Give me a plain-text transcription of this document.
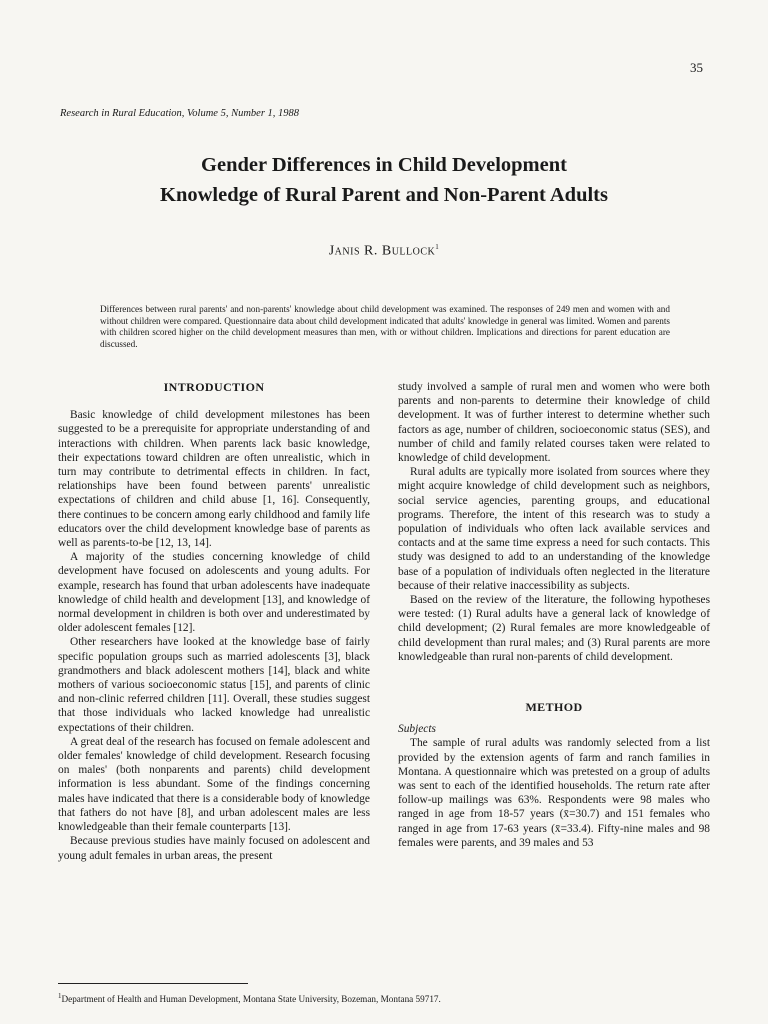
35
Research in Rural Education, Volume 5, Number 1, 1988
Gender Differences in Child Development
Knowledge of Rural Parent and Non-Parent Adults
Janis R. Bullock$^1$

Differences between rural parents' and non-parents' knowledge about child development was examined. The responses of 249 men and women with and without children were compared. Questionnaire data about child development indicated that adults' knowledge in general was limited. Women and parents with children scored higher on the child development measures than men, with or without children. Implications and directions for parent education are discussed.

INTRODUCTION

Basic knowledge of child development milestones has been suggested to be a prerequisite for appropriate understanding of and interactions with children. When parents lack basic knowledge, their expectations toward children are often unrealistic, which in turn may contribute to detrimental effects in children. In fact, relationships have been found between parents' unrealistic expectations of children and child abuse [1, 16]. Consequently, there continues to be concern among early childhood and family life educators over the child development knowledge base of parents as well as parents-to-be [12, 13, 14].

A majority of the studies concerning knowledge of child development have focused on adolescents and young adults. For example, research has found that urban adolescents have inadequate knowledge of child health and development [13], and knowledge of normal development in children is both over and underestimated by older adolescent females [12].

Other researchers have looked at the knowledge base of fairly specific population groups such as married adolescents [3], black grandmothers and black adolescent mothers [14], black and white mothers of various socioeconomic status [15], and parents of clinic and non-clinic referred children [11]. Overall, these studies suggest that those individuals who lacked knowledge had unrealistic expectations of their children.

A great deal of the research has focused on female adolescent and older females' knowledge of child development. Research focusing on males' (both nonparents and parents) child development information is less abundant. Some of the findings concerning males have indicated that there is a considerable body of knowledge that fathers do not have [8], and urban adolescent males are less knowledgeable than their female counterparts [13].

Because previous studies have mainly focused on adolescent and young adult females in urban areas, the present

study involved a sample of rural men and women who were both parents and non-parents to determine their knowledge of child development. It was of further interest to determine whether such factors as age, number of children, socioeconomic status (SES), and number of child and family related courses taken were related to knowledge of child development.

Rural adults are typically more isolated from sources where they might acquire knowledge of child development such as neighbors, social service agencies, parenting groups, and educational programs. Therefore, the intent of this research was to study a population of individuals who often lack available services and contacts and at the same time express a need for such contacts. This study was designed to add to an understanding of the knowledge base of a population of individuals often neglected in the literature because of their relative inaccessibility as subjects.

Based on the review of the literature, the following hypotheses were tested: (1) Rural adults have a general lack of knowledge of child development; (2) Rural females are more knowledgeable of child development than rural males; and (3) Rural parents are more knowledgeable than rural non-parents of child development.

METHOD

Subjects

The sample of rural adults was randomly selected from a list provided by the extension agents of farm and ranch families in Montana. A questionnaire which was pretested on a group of adults was sent to each of the identified households. The return rate after follow-up mailings was 63%. Respondents were 98 males who ranged in age from 18-57 years (x̄=30.7) and 151 females who ranged in age from 17-63 years (x̄=33.4). Fifty-nine males and 98 females were parents, and 39 males and 53

$^1$Department of Health and Human Development, Montana State University, Bozeman, Montana 59717.
